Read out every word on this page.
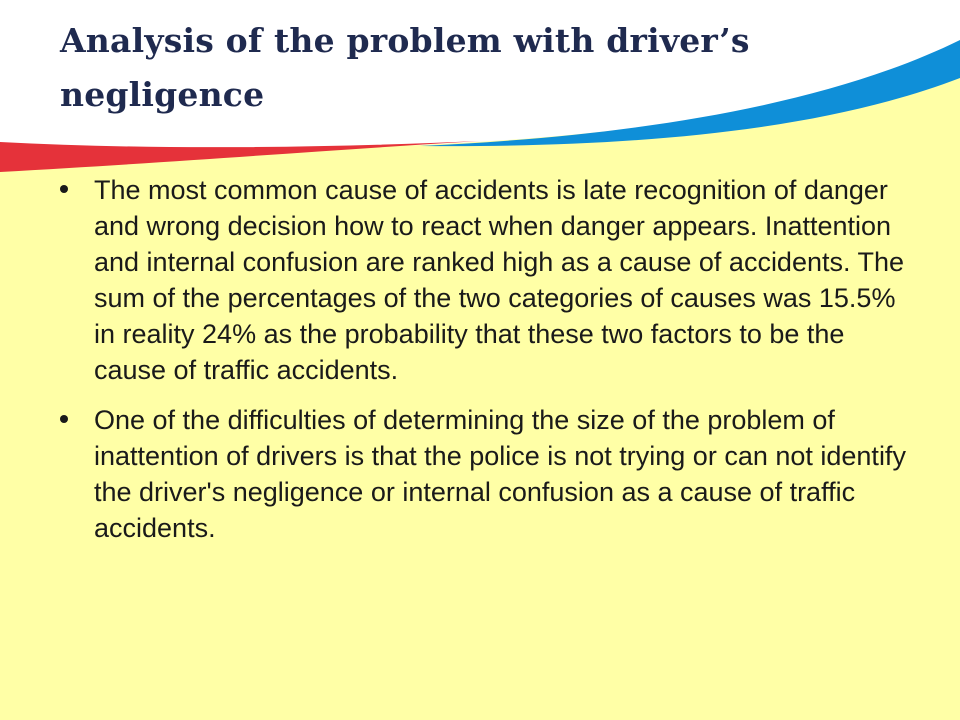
Analysis of the problem with driver’s negligence
The most common cause of accidents is late recognition of danger and wrong decision how to react when danger appears. Inattention and internal confusion are ranked high as a cause of accidents. The sum of the percentages of the two categories of causes was 15.5% in reality 24% as the probability that these two factors to be the cause of traffic accidents.
One of the difficulties of determining the size of the problem of inattention of drivers is that the police is not trying or can not identify the driver's negligence or internal confusion as a cause of traffic accidents.
